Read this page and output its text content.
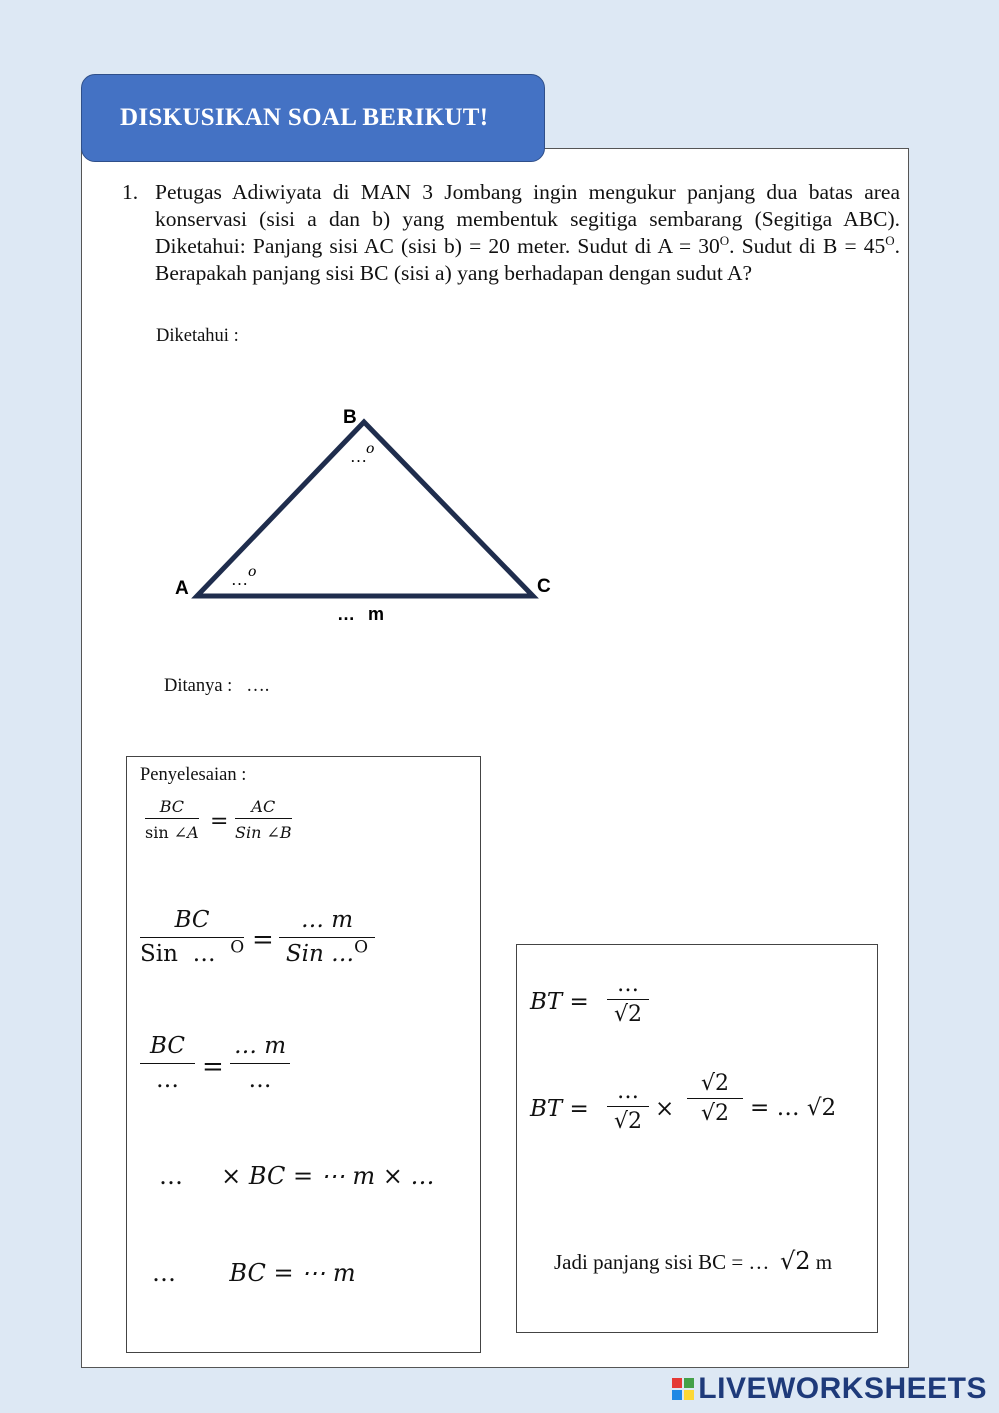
DISKUSIKAN SOAL BERIKUT!
1. Petugas Adiwiyata di MAN 3 Jombang ingin mengukur panjang dua batas area konservasi (sisi a dan b) yang membentuk segitiga sembarang (Segitiga ABC). Diketahui: Panjang sisi AC (sisi b) = 20 meter. Sudut di $A = 30^O$. Sudut di $B = 45^O$. Berapakah panjang sisi BC (sisi a) yang berhadapan dengan sudut A?
Diketahui :
B
A	C
… o
… o
… m
Ditanya : ….
Penyelesaian :
BC
sin ∠A =
AC
Sin ∠B
BC
Sin … $^O$ =
… m
Sin …$^O$
BC
… =
… m
…
… × BC = ⋯ m × …
… BC = ⋯ m
BT =
…
√2
BT =
…
√2 ×
√2
√2 = … √2
Jadi panjang sisi BC = … √2 m
LIVEWORKSHEETS
